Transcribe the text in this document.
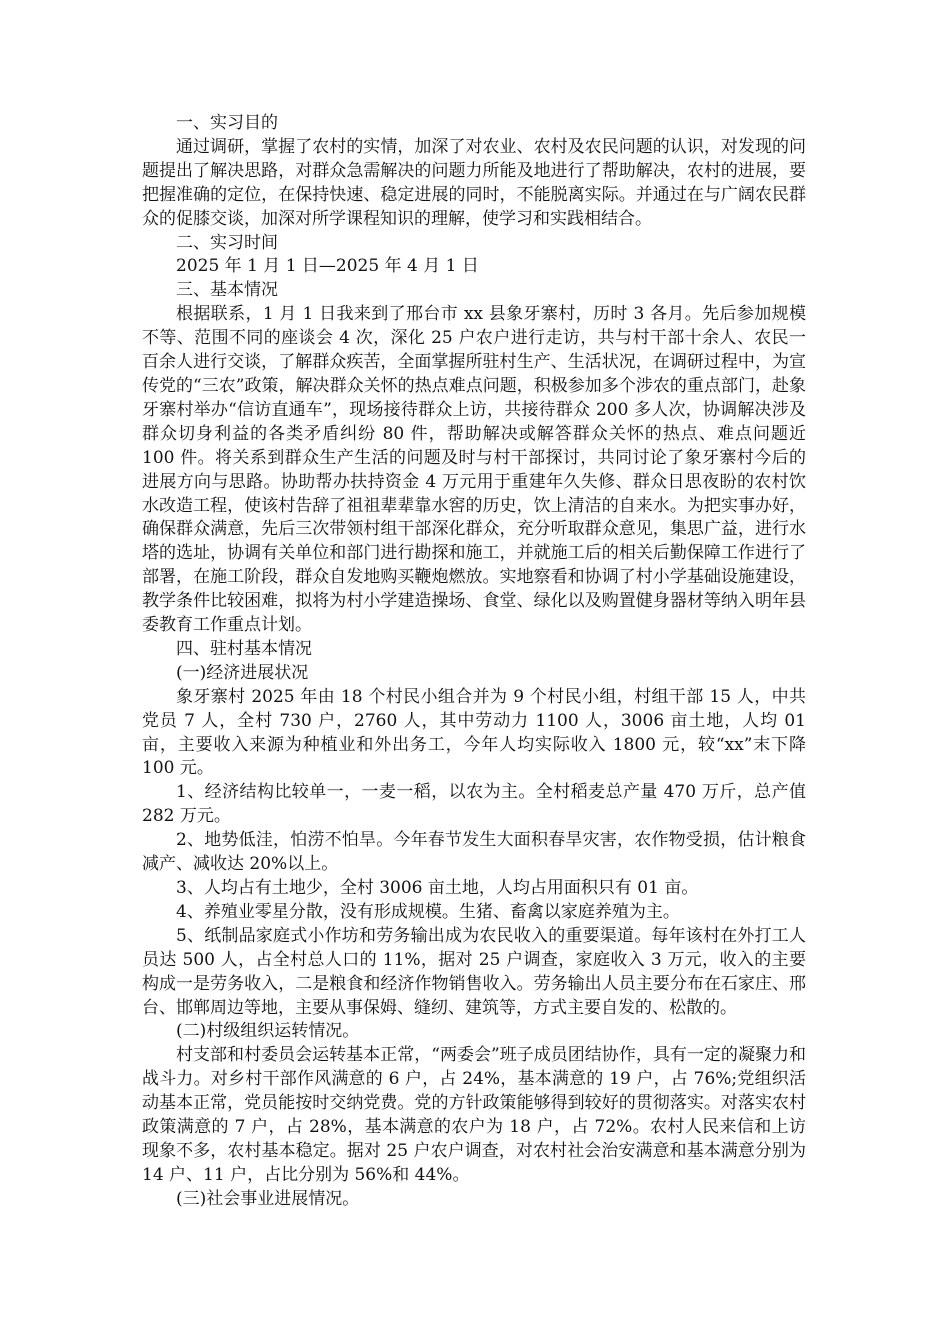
一、实习目的

通过调研，掌握了农村的实情，加深了对农业、农村及农民问题的认识，对发现的问题提出了解决思路，对群众急需解决的问题力所能及地进行了帮助解决，农村的进展，要把握准确的定位，在保持快速、稳定进展的同时，不能脱离实际。并通过在与广阔农民群众的促膝交谈，加深对所学课程知识的理解，使学习和实践相结合。

二、实习时间

2025 年 1 月 1 日—2025 年 4 月 1 日

三、基本情况

根据联系，1 月 1 日我来到了邢台市 xx 县象牙寨村，历时 3 各月。先后参加规模不等、范围不同的座谈会 4 次，深化 25 户农户进行走访，共与村干部十余人、农民一百余人进行交谈，了解群众疾苦，全面掌握所驻村生产、生活状况，在调研过程中，为宣传党的“三农”政策，解决群众关怀的热点难点问题，积极参加多个涉农的重点部门，赴象牙寨村举办“信访直通车”，现场接待群众上访，共接待群众 200 多人次，协调解决涉及群众切身利益的各类矛盾纠纷 80 件，帮助解决或解答群众关怀的热点、难点问题近 100 件。将关系到群众生产生活的问题及时与村干部探讨，共同讨论了象牙寨村今后的进展方向与思路。协助帮办扶持资金 4 万元用于重建年久失修、群众日思夜盼的农村饮水改造工程，使该村告辞了祖祖辈辈靠水窖的历史，饮上清洁的自来水。为把实事办好，确保群众满意，先后三次带领村组干部深化群众，充分听取群众意见，集思广益，进行水塔的选址，协调有关单位和部门进行勘探和施工，并就施工后的相关后勤保障工作进行了部署，在施工阶段，群众自发地购买鞭炮燃放。实地察看和协调了村小学基础设施建设，教学条件比较困难，拟将为村小学建造操场、食堂、绿化以及购置健身器材等纳入明年县委教育工作重点计划。

四、驻村基本情况

(一)经济进展状况

象牙寨村 2025 年由 18 个村民小组合并为 9 个村民小组，村组干部 15 人，中共党员 7 人，全村 730 户，2760 人，其中劳动力 1100 人，3006 亩土地，人均 01 亩，主要收入来源为种植业和外出务工，今年人均实际收入 1800 元，较“xx”末下降 100 元。

1、经济结构比较单一，一麦一稻，以农为主。全村稻麦总产量 470 万斤，总产值 282 万元。

2、地势低洼，怕涝不怕旱。今年春节发生大面积春旱灾害，农作物受损，估计粮食减产、减收达 20%以上。

3、人均占有土地少，全村 3006 亩土地，人均占用面积只有 01 亩。

4、养殖业零星分散，没有形成规模。生猪、畜禽以家庭养殖为主。

5、纸制品家庭式小作坊和劳务输出成为农民收入的重要渠道。每年该村在外打工人员达 500 人，占全村总人口的 11%，据对 25 户调查，家庭收入 3 万元，收入的主要构成一是劳务收入，二是粮食和经济作物销售收入。劳务输出人员主要分布在石家庄、邢台、邯郸周边等地，主要从事保姆、缝纫、建筑等，方式主要自发的、松散的。

(二)村级组织运转情况。

村支部和村委员会运转基本正常，“两委会”班子成员团结协作，具有一定的凝聚力和战斗力。对乡村干部作风满意的 6 户，占 24%，基本满意的 19 户，占 76%;党组织活动基本正常，党员能按时交纳党费。党的方针政策能够得到较好的贯彻落实。对落实农村政策满意的 7 户，占 28%，基本满意的农户为 18 户，占 72%。农村人民来信和上访现象不多，农村基本稳定。据对 25 户农户调查，对农村社会治安满意和基本满意分别为 14 户、11 户，占比分别为 56%和 44%。

(三)社会事业进展情况。
